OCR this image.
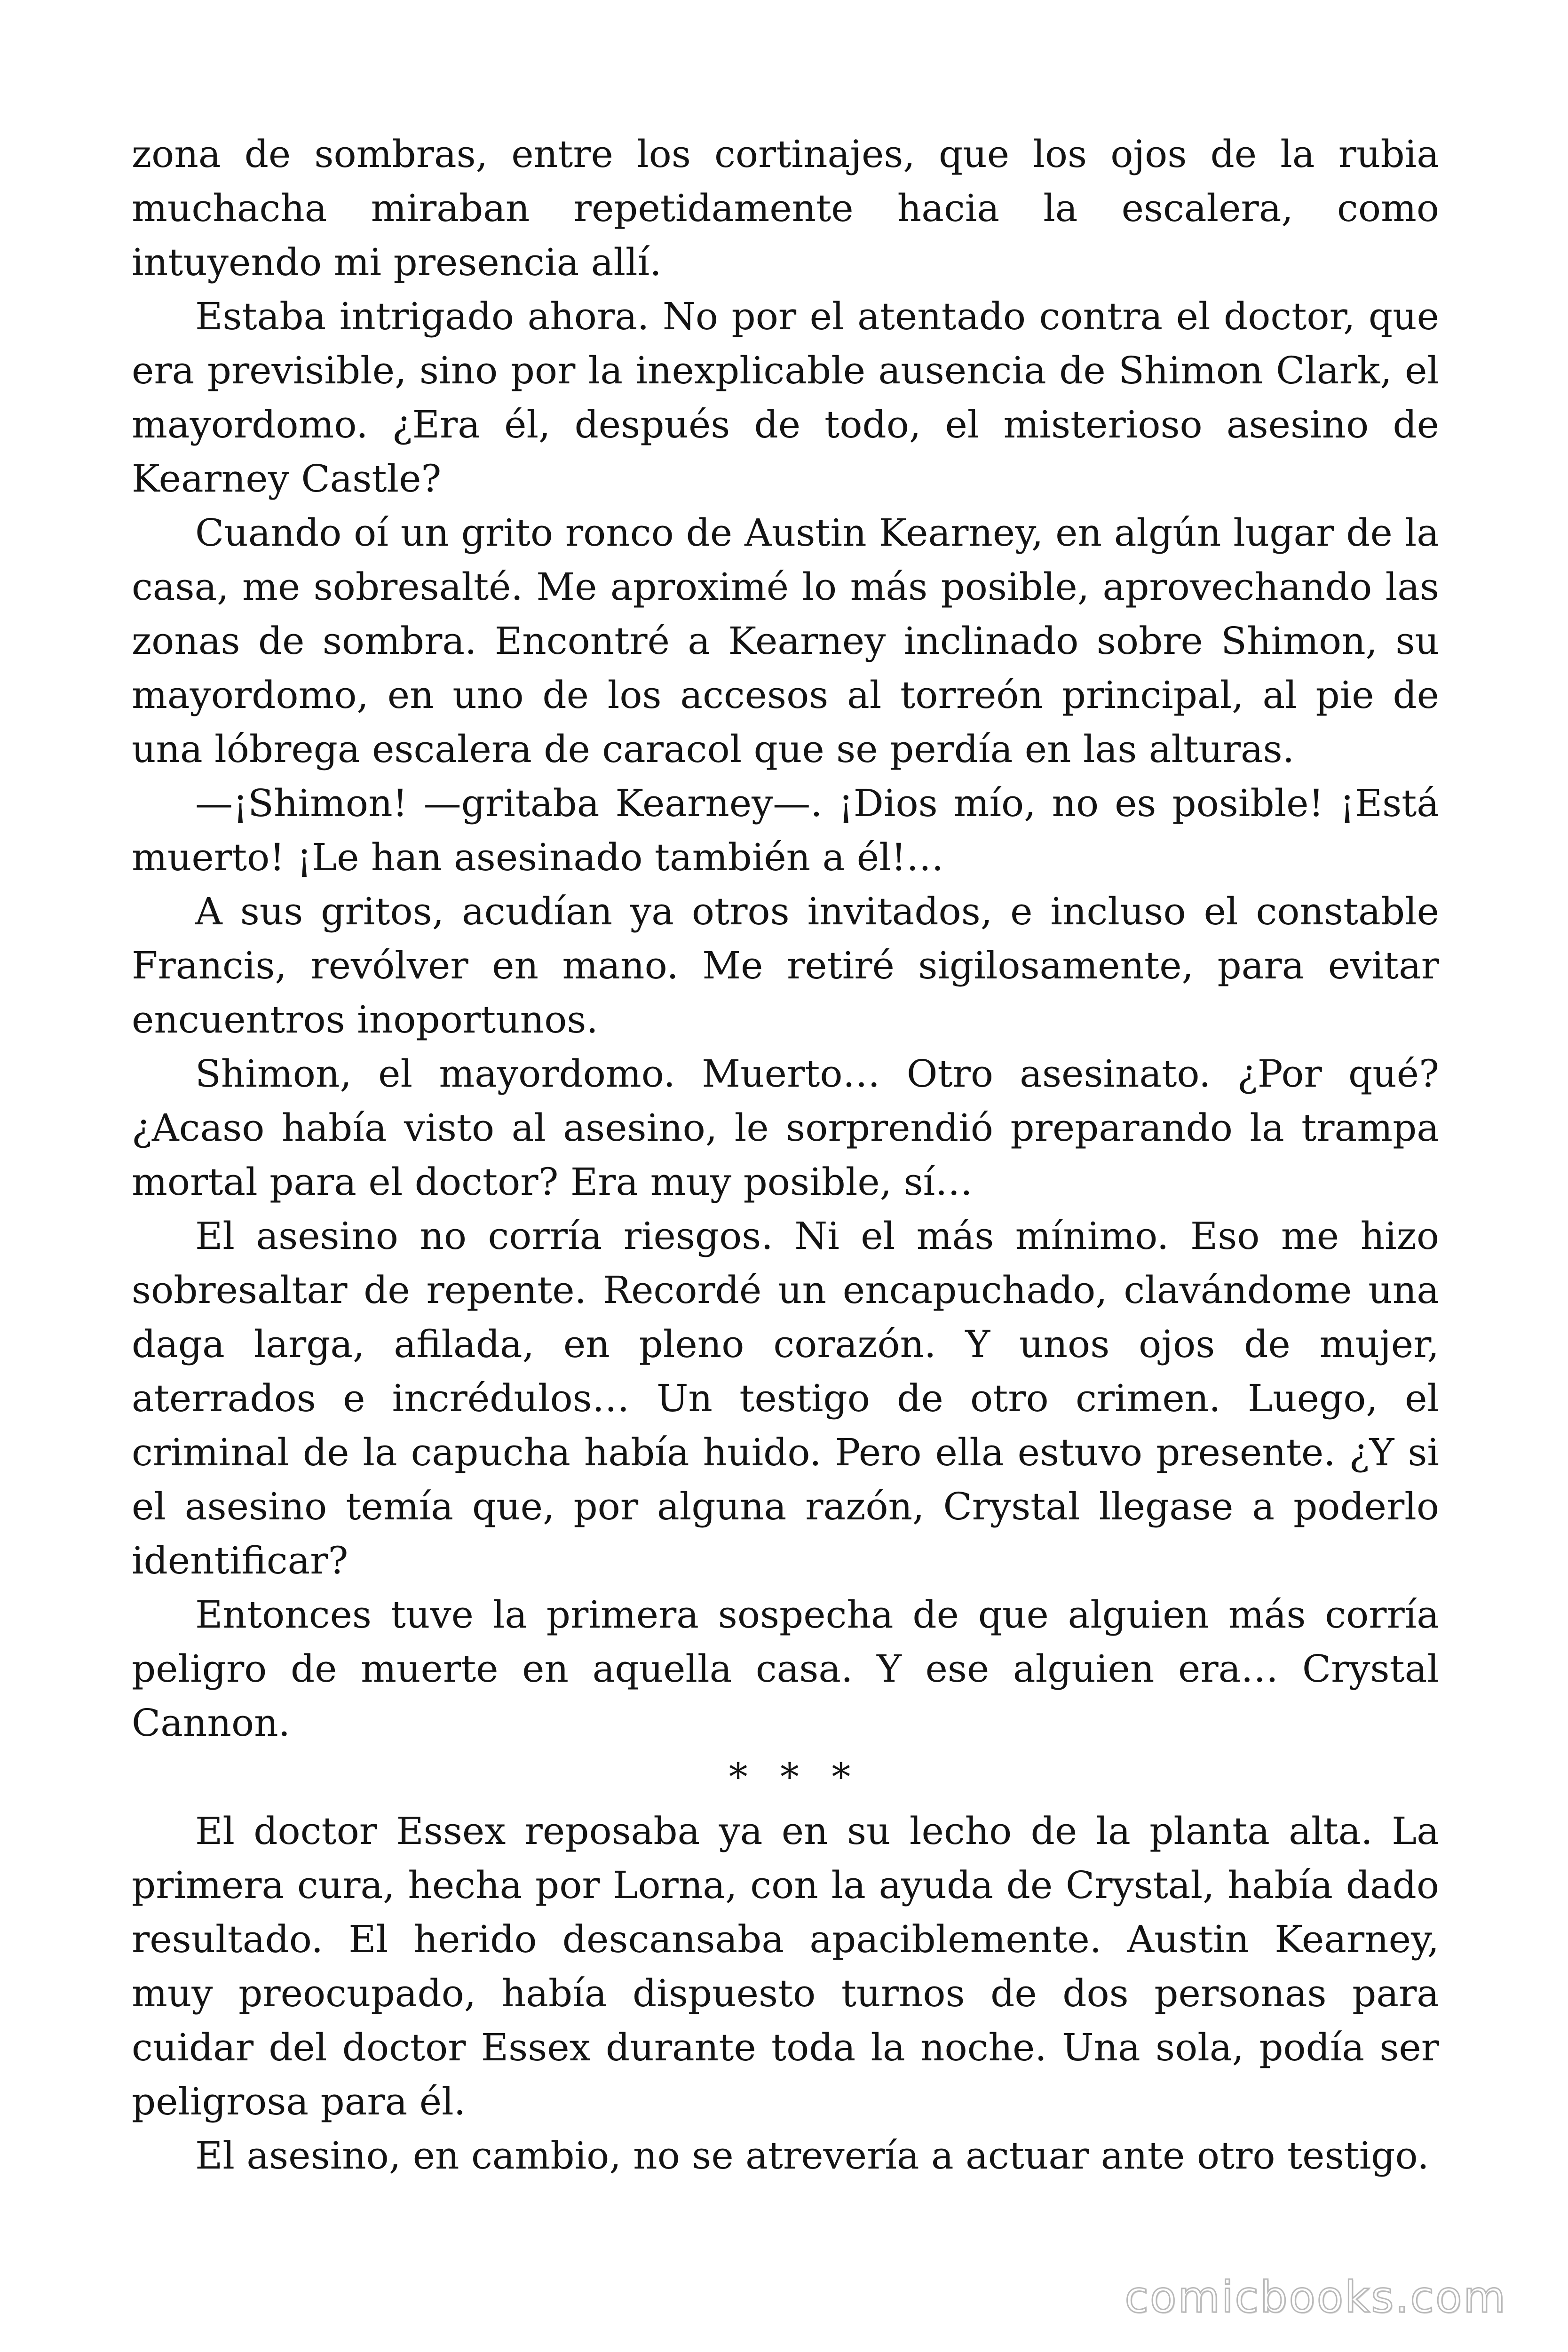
zona de sombras, entre los cortinajes, que los ojos de la rubia muchacha miraban repetidamente hacia la escalera, como intuyendo mi presencia allí.

Estaba intrigado ahora. No por el atentado contra el doctor, que era previsible, sino por la inexplicable ausencia de Shimon Clark, el mayordomo. ¿Era él, después de todo, el misterioso asesino de Kearney Castle?

Cuando oí un grito ronco de Austin Kearney, en algún lugar de la casa, me sobresalté. Me aproximé lo más posible, aprovechando las zonas de sombra. Encontré a Kearney inclinado sobre Shimon, su mayordomo, en uno de los accesos al torreón principal, al pie de una lóbrega escalera de caracol que se perdía en las alturas.

—¡Shimon! —gritaba Kearney—. ¡Dios mío, no es posible! ¡Está muerto! ¡Le han asesinado también a él!…

A sus gritos, acudían ya otros invitados, e incluso el constable Francis, revólver en mano. Me retiré sigilosamente, para evitar encuentros inoportunos.

Shimon, el mayordomo. Muerto… Otro asesinato. ¿Por qué? ¿Acaso había visto al asesino, le sorprendió preparando la trampa mortal para el doctor? Era muy posible, sí…

El asesino no corría riesgos. Ni el más mínimo. Eso me hizo sobresaltar de repente. Recordé un encapuchado, clavándome una daga larga, afilada, en pleno corazón. Y unos ojos de mujer, aterrados e incrédulos… Un testigo de otro crimen. Luego, el criminal de la capucha había huido. Pero ella estuvo presente. ¿Y si el asesino temía que, por alguna razón, Crystal llegase a poderlo identificar?

Entonces tuve la primera sospecha de que alguien más corría peligro de muerte en aquella casa. Y ese alguien era… Crystal Cannon.

* * *

El doctor Essex reposaba ya en su lecho de la planta alta. La primera cura, hecha por Lorna, con la ayuda de Crystal, había dado resultado. El herido descansaba apaciblemente. Austin Kearney, muy preocupado, había dispuesto turnos de dos personas para cuidar del doctor Essex durante toda la noche. Una sola, podía ser peligrosa para él.

El asesino, en cambio, no se atrevería a actuar ante otro testigo.

comicbooks.com
